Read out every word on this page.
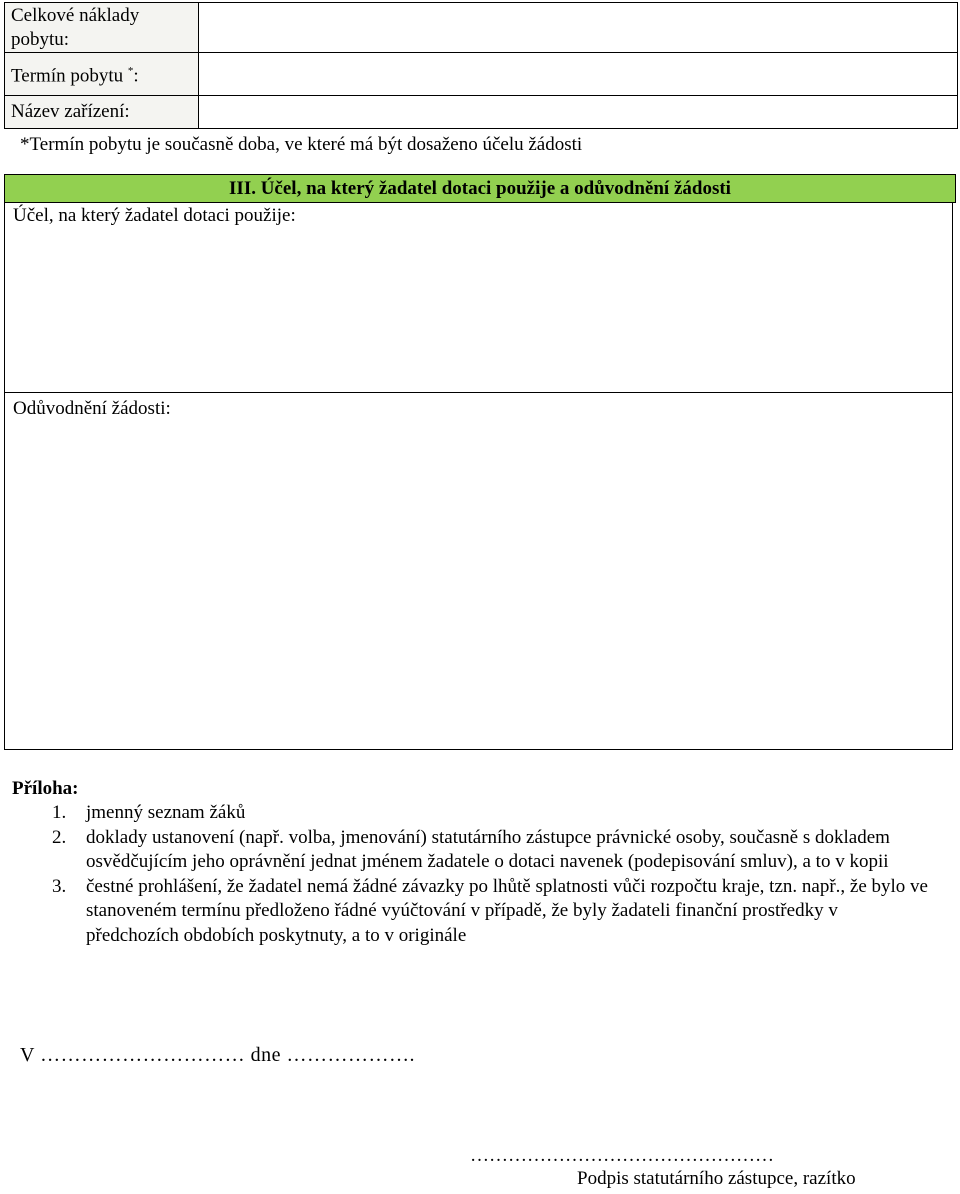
Celkové náklady pobytu:	
Termín pobytu *:	
Název zařízení:	
*Termín pobytu je současně doba, ve které má být dosaženo účelu žádosti
III. Účel, na který žadatel dotaci použije a odůvodnění žádosti
Účel, na který žadatel dotaci použije:
Odůvodnění žádosti:
Příloha:
1. jmenný seznam žáků
2. doklady ustanovení (např. volba, jmenování) statutárního zástupce právnické osoby, současně s dokladem osvědčujícím jeho oprávnění jednat jménem žadatele o dotaci navenek (podepisování smluv), a to v kopii
3. čestné prohlášení, že žadatel nemá žádné závazky po lhůtě splatnosti vůči rozpočtu kraje, tzn. např., že bylo ve stanoveném termínu předloženo řádné vyúčtování v případě, že byly žadateli finanční prostředky v předchozích obdobích poskytnuty, a to v originále
V ………………………… dne ……………….
…………………………………………
Podpis statutárního zástupce, razítko
